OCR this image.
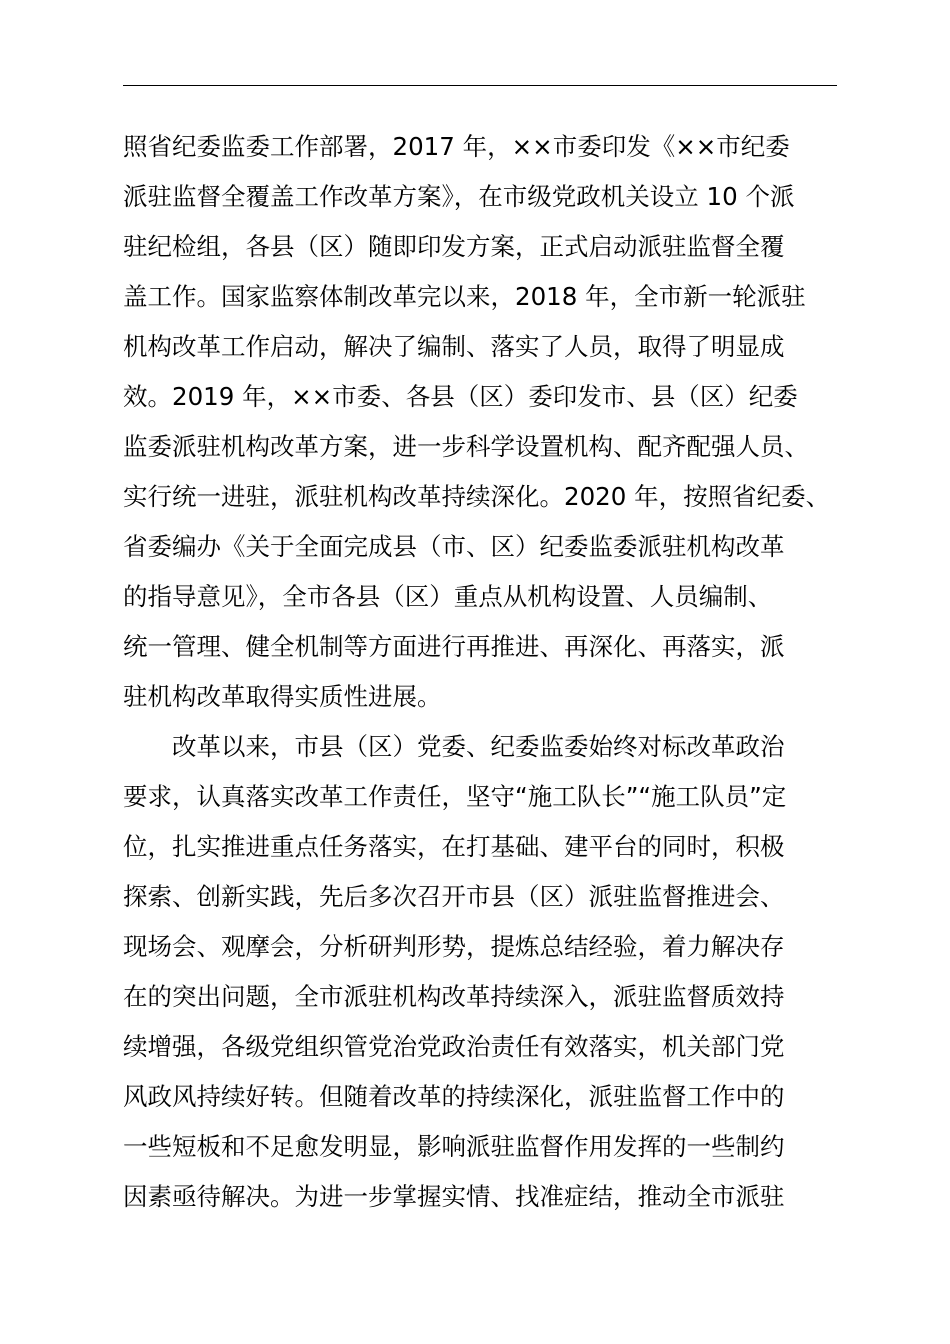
照省纪委监委工作部署，2017 年，××市委印发《××市纪委
派驻监督全覆盖工作改革方案》，在市级党政机关设立 10 个派
驻纪检组，各县（区）随即印发方案，正式启动派驻监督全覆
盖工作。国家监察体制改革完以来，2018 年，全市新一轮派驻
机构改革工作启动，解决了编制、落实了人员，取得了明显成
效。2019 年，××市委、各县（区）委印发市、县（区）纪委
监委派驻机构改革方案，进一步科学设置机构、配齐配强人员、
实行统一进驻，派驻机构改革持续深化。2020 年，按照省纪委、
省委编办《关于全面完成县（市、区）纪委监委派驻机构改革
的指导意见》，全市各县（区）重点从机构设置、人员编制、
统一管理、健全机制等方面进行再推进、再深化、再落实，派
驻机构改革取得实质性进展。
改革以来，市县（区）党委、纪委监委始终对标改革政治
要求，认真落实改革工作责任，坚守“施工队长”“施工队员”定
位，扎实推进重点任务落实，在打基础、建平台的同时，积极
探索、创新实践，先后多次召开市县（区）派驻监督推进会、
现场会、观摩会，分析研判形势，提炼总结经验，着力解决存
在的突出问题，全市派驻机构改革持续深入，派驻监督质效持
续增强，各级党组织管党治党政治责任有效落实，机关部门党
风政风持续好转。但随着改革的持续深化，派驻监督工作中的
一些短板和不足愈发明显，影响派驻监督作用发挥的一些制约
因素亟待解决。为进一步掌握实情、找准症结，推动全市派驻
